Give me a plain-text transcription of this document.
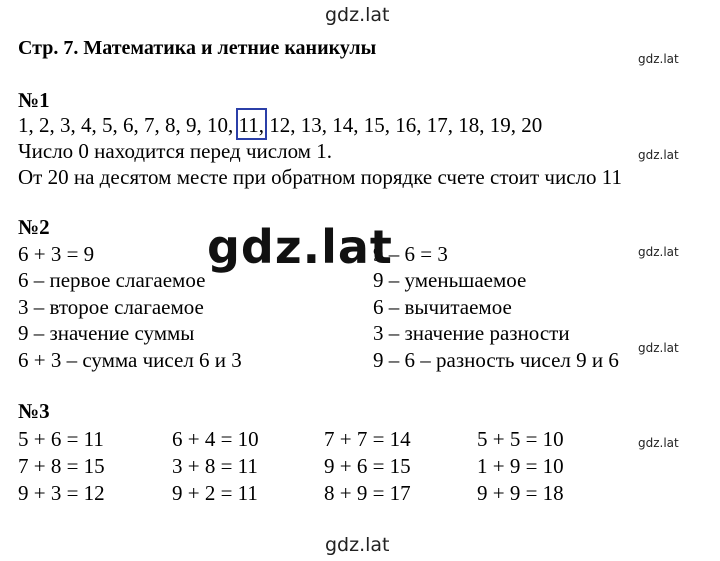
gdz.lat
gdz.lat
gdz.lat
gdz.lat
gdz.lat
gdz.lat
gdz.lat
Стр. 7. Математика и летние каникулы
№1
1, 2, 3, 4, 5, 6, 7, 8, 9, 10, 11, 12, 13, 14, 15, 16, 17, 18, 19, 20
Число 0 находится перед числом 1.
От 20 на десятом месте при обратном порядке счете стоит число 11
№2
6 + 3 = 9
6 – первое слагаемое
3 – второе слагаемое
9 – значение суммы
6 + 3 – сумма чисел 6 и 3
9 – 6 = 3
9 – уменьшаемое
6 – вычитаемое
3 – значение разности
9 – 6 – разность чисел 9 и 6
gdz.lat
№3
5 + 6 = 11	6 + 4 = 10	7 + 7 = 14	5 + 5 = 10
7 + 8 = 15	3 + 8 = 11	9 + 6 = 15	1 + 9 = 10
9 + 3 = 12	9 + 2 = 11	8 + 9 = 17	9 + 9 = 18
